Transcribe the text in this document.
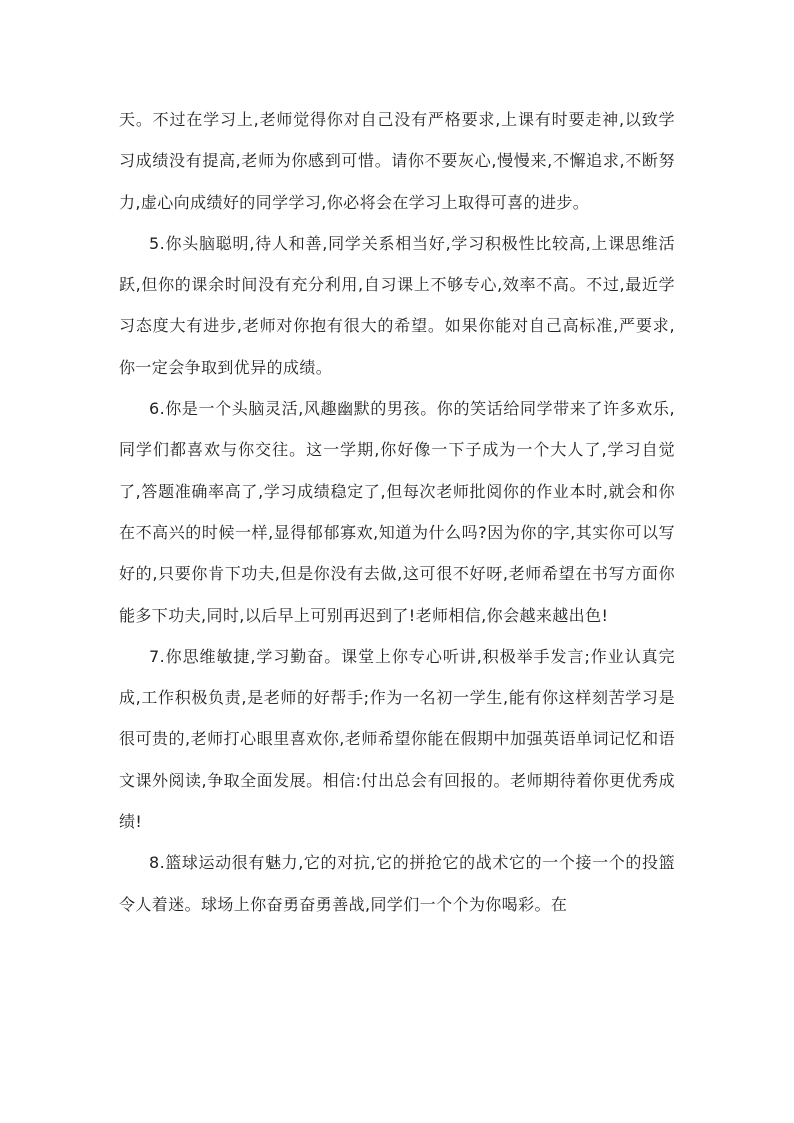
天。不过在学习上,老师觉得你对自己没有严格要求,上课有时要走神,以致学习成绩没有提高,老师为你感到可惜。请你不要灰心,慢慢来,不懈追求,不断努力,虚心向成绩好的同学学习,你必将会在学习上取得可喜的进步。

5.你头脑聪明,待人和善,同学关系相当好,学习积极性比较高,上课思维活跃,但你的课余时间没有充分利用,自习课上不够专心,效率不高。不过,最近学习态度大有进步,老师对你抱有很大的希望。如果你能对自己高标准,严要求,你一定会争取到优异的成绩。

6.你是一个头脑灵活,风趣幽默的男孩。你的笑话给同学带来了许多欢乐,同学们都喜欢与你交往。这一学期,你好像一下子成为一个大人了,学习自觉了,答题准确率高了,学习成绩稳定了,但每次老师批阅你的作业本时,就会和你在不高兴的时候一样,显得郁郁寡欢,知道为什么吗?因为你的字,其实你可以写好的,只要你肯下功夫,但是你没有去做,这可很不好呀,老师希望在书写方面你能多下功夫,同时,以后早上可别再迟到了!老师相信,你会越来越出色!

7.你思维敏捷,学习勤奋。课堂上你专心听讲,积极举手发言;作业认真完成,工作积极负责,是老师的好帮手;作为一名初一学生,能有你这样刻苦学习是很可贵的,老师打心眼里喜欢你,老师希望你能在假期中加强英语单词记忆和语文课外阅读,争取全面发展。相信:付出总会有回报的。老师期待着你更优秀成绩!

8.篮球运动很有魅力,它的对抗,它的拼抢它的战术它的一个接一个的投篮令人着迷。球场上你奋勇奋勇善战,同学们一个个为你喝彩。在
